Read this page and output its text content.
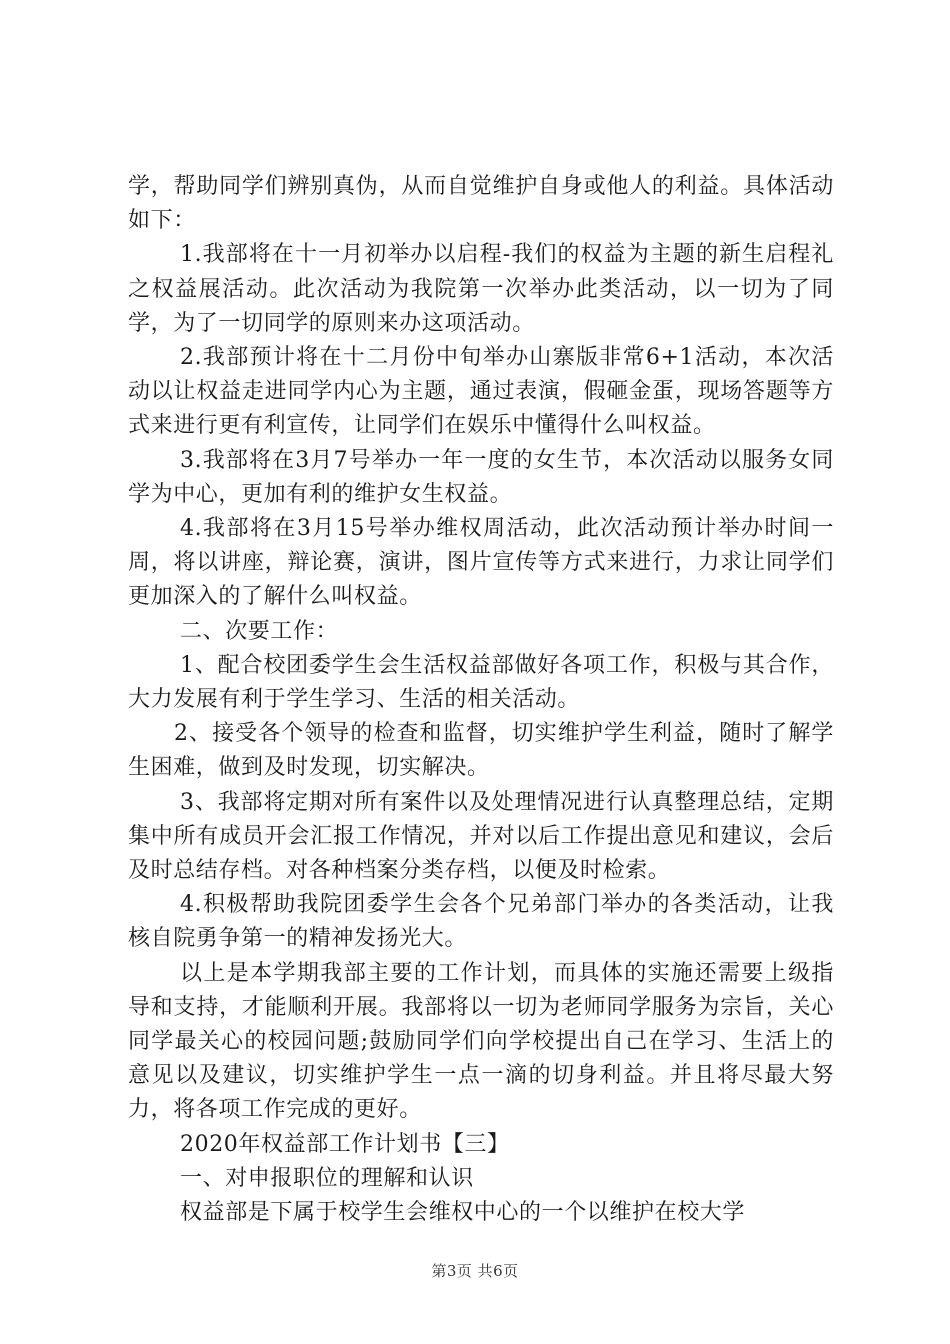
学，帮助同学们辨别真伪，从而自觉维护自身或他人的利益。具体活动如下：

1.我部将在十一月初举办以启程-我们的权益为主题的新生启程礼之权益展活动。此次活动为我院第一次举办此类活动，以一切为了同学，为了一切同学的原则来办这项活动。

2.我部预计将在十二月份中旬举办山寨版非常6+1活动，本次活动以让权益走进同学内心为主题，通过表演，假砸金蛋，现场答题等方式来进行更有利宣传，让同学们在娱乐中懂得什么叫权益。

3.我部将在3月7号举办一年一度的女生节，本次活动以服务女同学为中心，更加有利的维护女生权益。

4.我部将在3月15号举办维权周活动，此次活动预计举办时间一周，将以讲座，辩论赛，演讲，图片宣传等方式来进行，力求让同学们更加深入的了解什么叫权益。

二、次要工作：

1、配合校团委学生会生活权益部做好各项工作，积极与其合作，大力发展有利于学生学习、生活的相关活动。

2、接受各个领导的检查和监督，切实维护学生利益，随时了解学生困难，做到及时发现，切实解决。

3、我部将定期对所有案件以及处理情况进行认真整理总结，定期集中所有成员开会汇报工作情况，并对以后工作提出意见和建议，会后及时总结存档。对各种档案分类存档，以便及时检索。

4.积极帮助我院团委学生会各个兄弟部门举办的各类活动，让我核自院勇争第一的精神发扬光大。

以上是本学期我部主要的工作计划，而具体的实施还需要上级指导和支持，才能顺利开展。我部将以一切为老师同学服务为宗旨，关心同学最关心的校园问题;鼓励同学们向学校提出自己在学习、生活上的意见以及建议，切实维护学生一点一滴的切身利益。并且将尽最大努力，将各项工作完成的更好。

2020年权益部工作计划书【三】

一、对申报职位的理解和认识

权益部是下属于校学生会维权中心的一个以维护在校大学

第3页 共6页
